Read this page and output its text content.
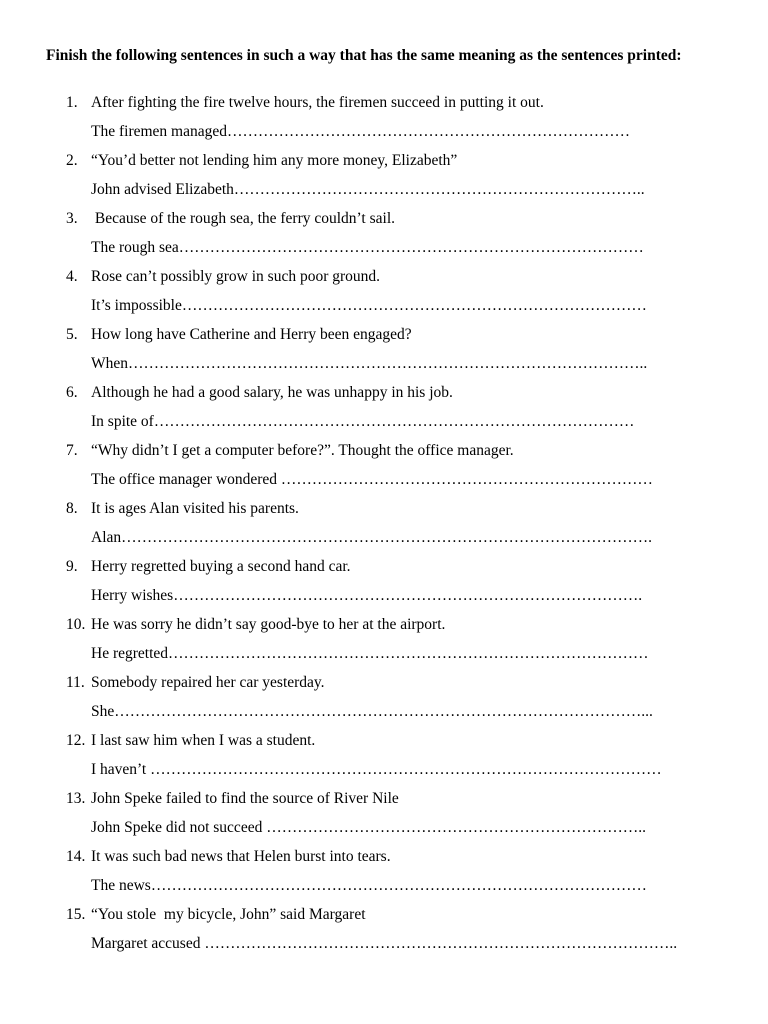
Finish the following sentences in such a way that has the same meaning as the sentences printed:
1. After fighting the fire twelve hours, the firemen succeed in putting it out.
The firemen managed……………………………………………………………………
2. “You’d better not lending him any more money, Elizabeth”
John advised Elizabeth……………………………………………………………………..
3. Because of the rough sea, the ferry couldn’t sail.
The rough sea………………………………………………………………………………
4. Rose can’t possibly grow in such poor ground.
It’s impossible………………………………………………………………………………
5. How long have Catherine and Herry been engaged?
When………………………………………………………………………………………..
6. Although he had a good salary, he was unhappy in his job.
In spite of…………………………………………………………………………………
7. “Why didn’t I get a computer before?”. Thought the office manager.
The office manager wondered ………………………………………………………………
8. It is ages Alan visited his parents.
Alan………………………………………………………………………………………….
9. Herry regretted buying a second hand car.
Herry wishes……………………………………………………………………………….
10. He was sorry he didn’t say good-bye to her at the airport.
He regretted…………………………………………………………………………………
11. Somebody repaired her car yesterday.
She…………………………………………………………………………………………...
12. I last saw him when I was a student.
I haven’t ………………………………………………………………………………………
13. John Speke failed to find the source of River Nile
John Speke did not succeed ………………………………………………………………..
14. It was such bad news that Helen burst into tears.
The news……………………………………………………………………………………
15. “You stole  my bicycle, John” said Margaret
Margaret accused ………………………………………………………………………………..
